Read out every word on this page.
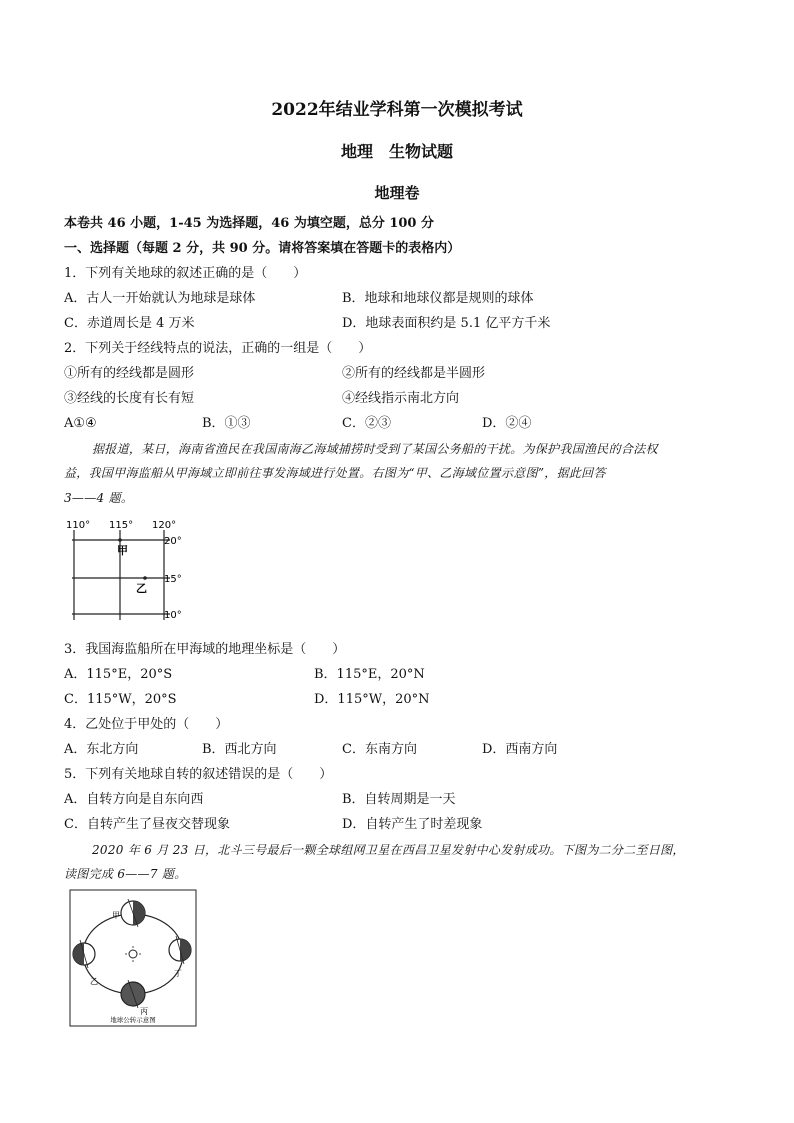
2022年结业学科第一次模拟考试
地理　生物试题
地理卷
本卷共 46 小题，1-45 为选择题，46 为填空题，总分 100 分
一、选择题（每题 2 分，共 90 分。请将答案填在答题卡的表格内）
1．下列有关地球的叙述正确的是（　　）
A．古人一开始就认为地球是球体	B．地球和地球仪都是规则的球体
C．赤道周长是 4 万米	D．地球表面积约是 5.1 亿平方千米
2．下列关于经线特点的说法，正确的一组是（　　）
①所有的经线都是圆形	②所有的经线都是半圆形
③经线的长度有长有短	④经线指示南北方向
A①④	B．①③	C．②③	D．②④
据报道，某日，海南省渔民在我国南海乙海域捕捞时受到了某国公务船的干扰。为保护我国渔民的合法权
益，我国甲海监船从甲海域立即前往事发海域进行处置。右图为“甲、乙海域位置示意图”，据此回答
3——4 题。
110° 115° 120°
20°
15°
10°
甲
乙
3．我国海监船所在甲海域的地理坐标是（　　）
A．115°E，20°S	B．115°E，20°N
C．115°W，20°S	D．115°W，20°N
4．乙处位于甲处的（　　）
A．东北方向	B．西北方向	C．东南方向	D．西南方向
5．下列有关地球自转的叙述错误的是（　　）
A．自转方向是自东向西	B．自转周期是一天
C．自转产生了昼夜交替现象	D．自转产生了时差现象
2020 年 6 月 23 日，北斗三号最后一颗全球组网卫星在西昌卫星发射中心发射成功。下图为二分二至日图，
读图完成 6——7 题。
甲
乙
丙
丁
地球公转示意图
